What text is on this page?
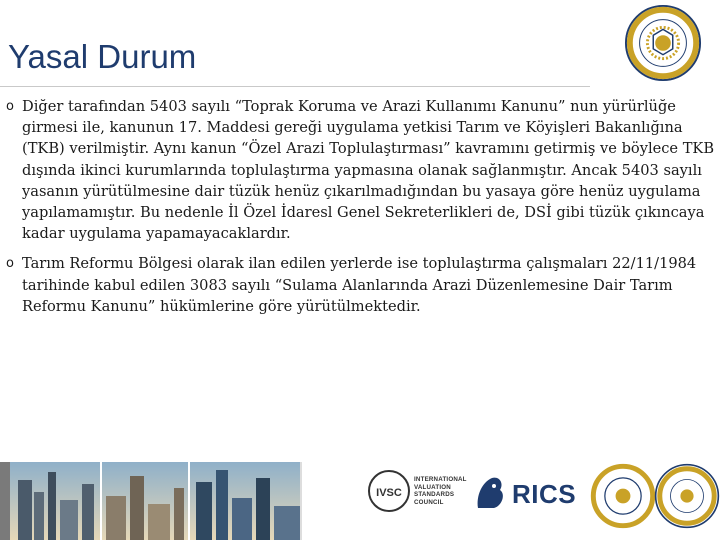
Yasal Durum
o Diğer tarafından 5403 sayılı “Toprak Koruma ve Arazi Kullanımı Kanunu” nun yürürlüğe girmesi ile, kanunun 17. Maddesi gereği uygulama yetkisi Tarım ve Köyişleri Bakanlığına (TKB) verilmiştir. Aynı kanun “Özel Arazi Toplulaştırması” kavramını getirmiş ve böylece TKB dışında ikinci kurumlarında toplulaştırma yapmasına olanak sağlanmıştır. Ancak 5403 sayılı yasanın yürütülmesine dair tüzük henüz çıkarılmadığından bu yasaya göre henüz uygulama yapılamamıştır. Bu nedenle İl Özel İdaresl Genel Sekreterlikleri de, DSİ gibi tüzük çıkıncaya kadar uygulama yapamayacaklardır.
o Tarım Reformu Bölgesi olarak ilan edilen yerlerde ise toplulaştırma çalışmaları 22/11/1984 tarihinde kabul edilen 3083 sayılı “Sulama Alanlarında Arazi Düzenlemesine Dair Tarım Reformu Kanunu” hükümlerine göre yürütülmektedir.
IVSC
INTERNATIONAL VALUATION STANDARDS COUNCIL	RICS
